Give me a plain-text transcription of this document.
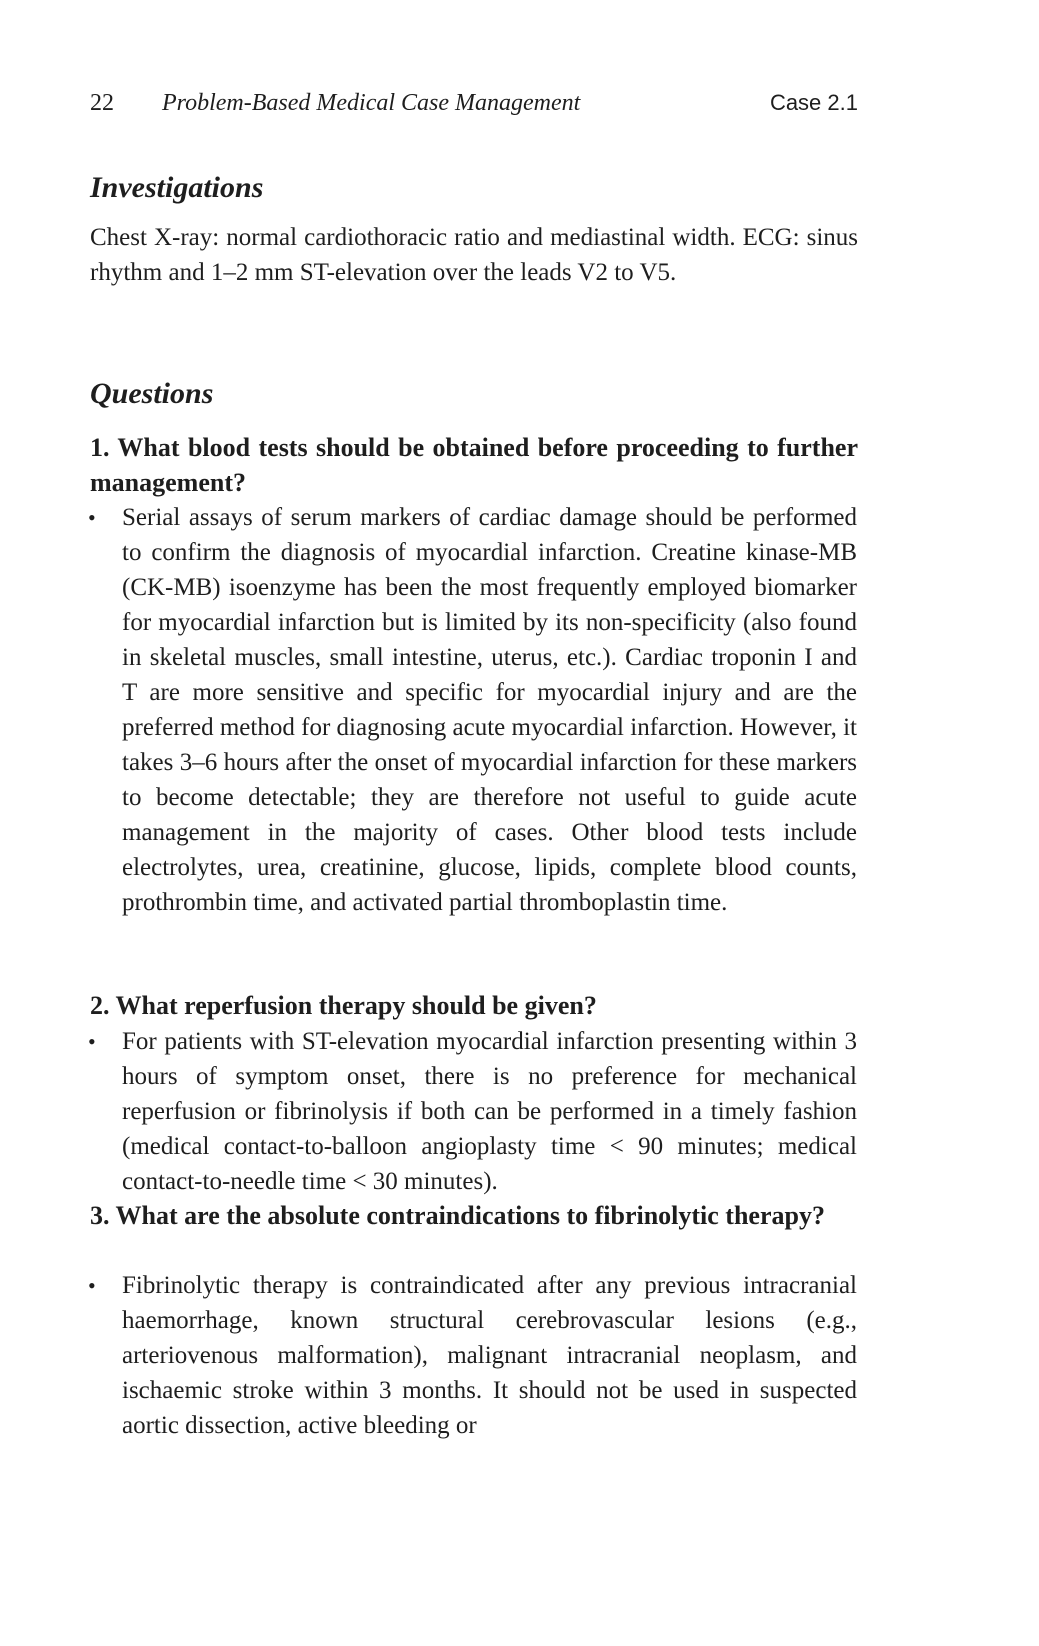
22 Problem-Based Medical Case Management	Case 2.1
Investigations

Chest X-ray: normal cardiothoracic ratio and mediastinal width. ECG: sinus rhythm and 1–2 mm ST-elevation over the leads V2 to V5.

Questions

1. What blood tests should be obtained before proceeding to further management?

• Serial assays of serum markers of cardiac damage should be performed to confirm the diagnosis of myocardial infarction. Creatine kinase-MB (CK-MB) isoenzyme has been the most frequently employed biomarker for myocardial infarction but is limited by its non-specificity (also found in skeletal muscles, small intestine, uterus, etc.). Cardiac troponin I and T are more sensitive and specific for myocardial injury and are the preferred method for diagnosing acute myocardial infarction. However, it takes 3–6 hours after the onset of myocardial infarction for these markers to become detectable; they are therefore not useful to guide acute management in the majority of cases. Other blood tests include electrolytes, urea, creatinine, glucose, lipids, complete blood counts, prothrombin time, and activated partial thromboplastin time.

2. What reperfusion therapy should be given?

• For patients with ST-elevation myocardial infarction presenting within 3 hours of symptom onset, there is no preference for mechanical reperfusion or fibrinolysis if both can be performed in a timely fashion (medical contact-to-balloon angioplasty time < 90 minutes; medical contact-to-needle time < 30 minutes).

3. What are the absolute contraindications to fibrinolytic therapy?

• Fibrinolytic therapy is contraindicated after any previous intracranial haemorrhage, known structural cerebrovascular lesions (e.g., arteriovenous malformation), malignant intracranial neoplasm, and ischaemic stroke within 3 months. It should not be used in suspected aortic dissection, active bleeding or
